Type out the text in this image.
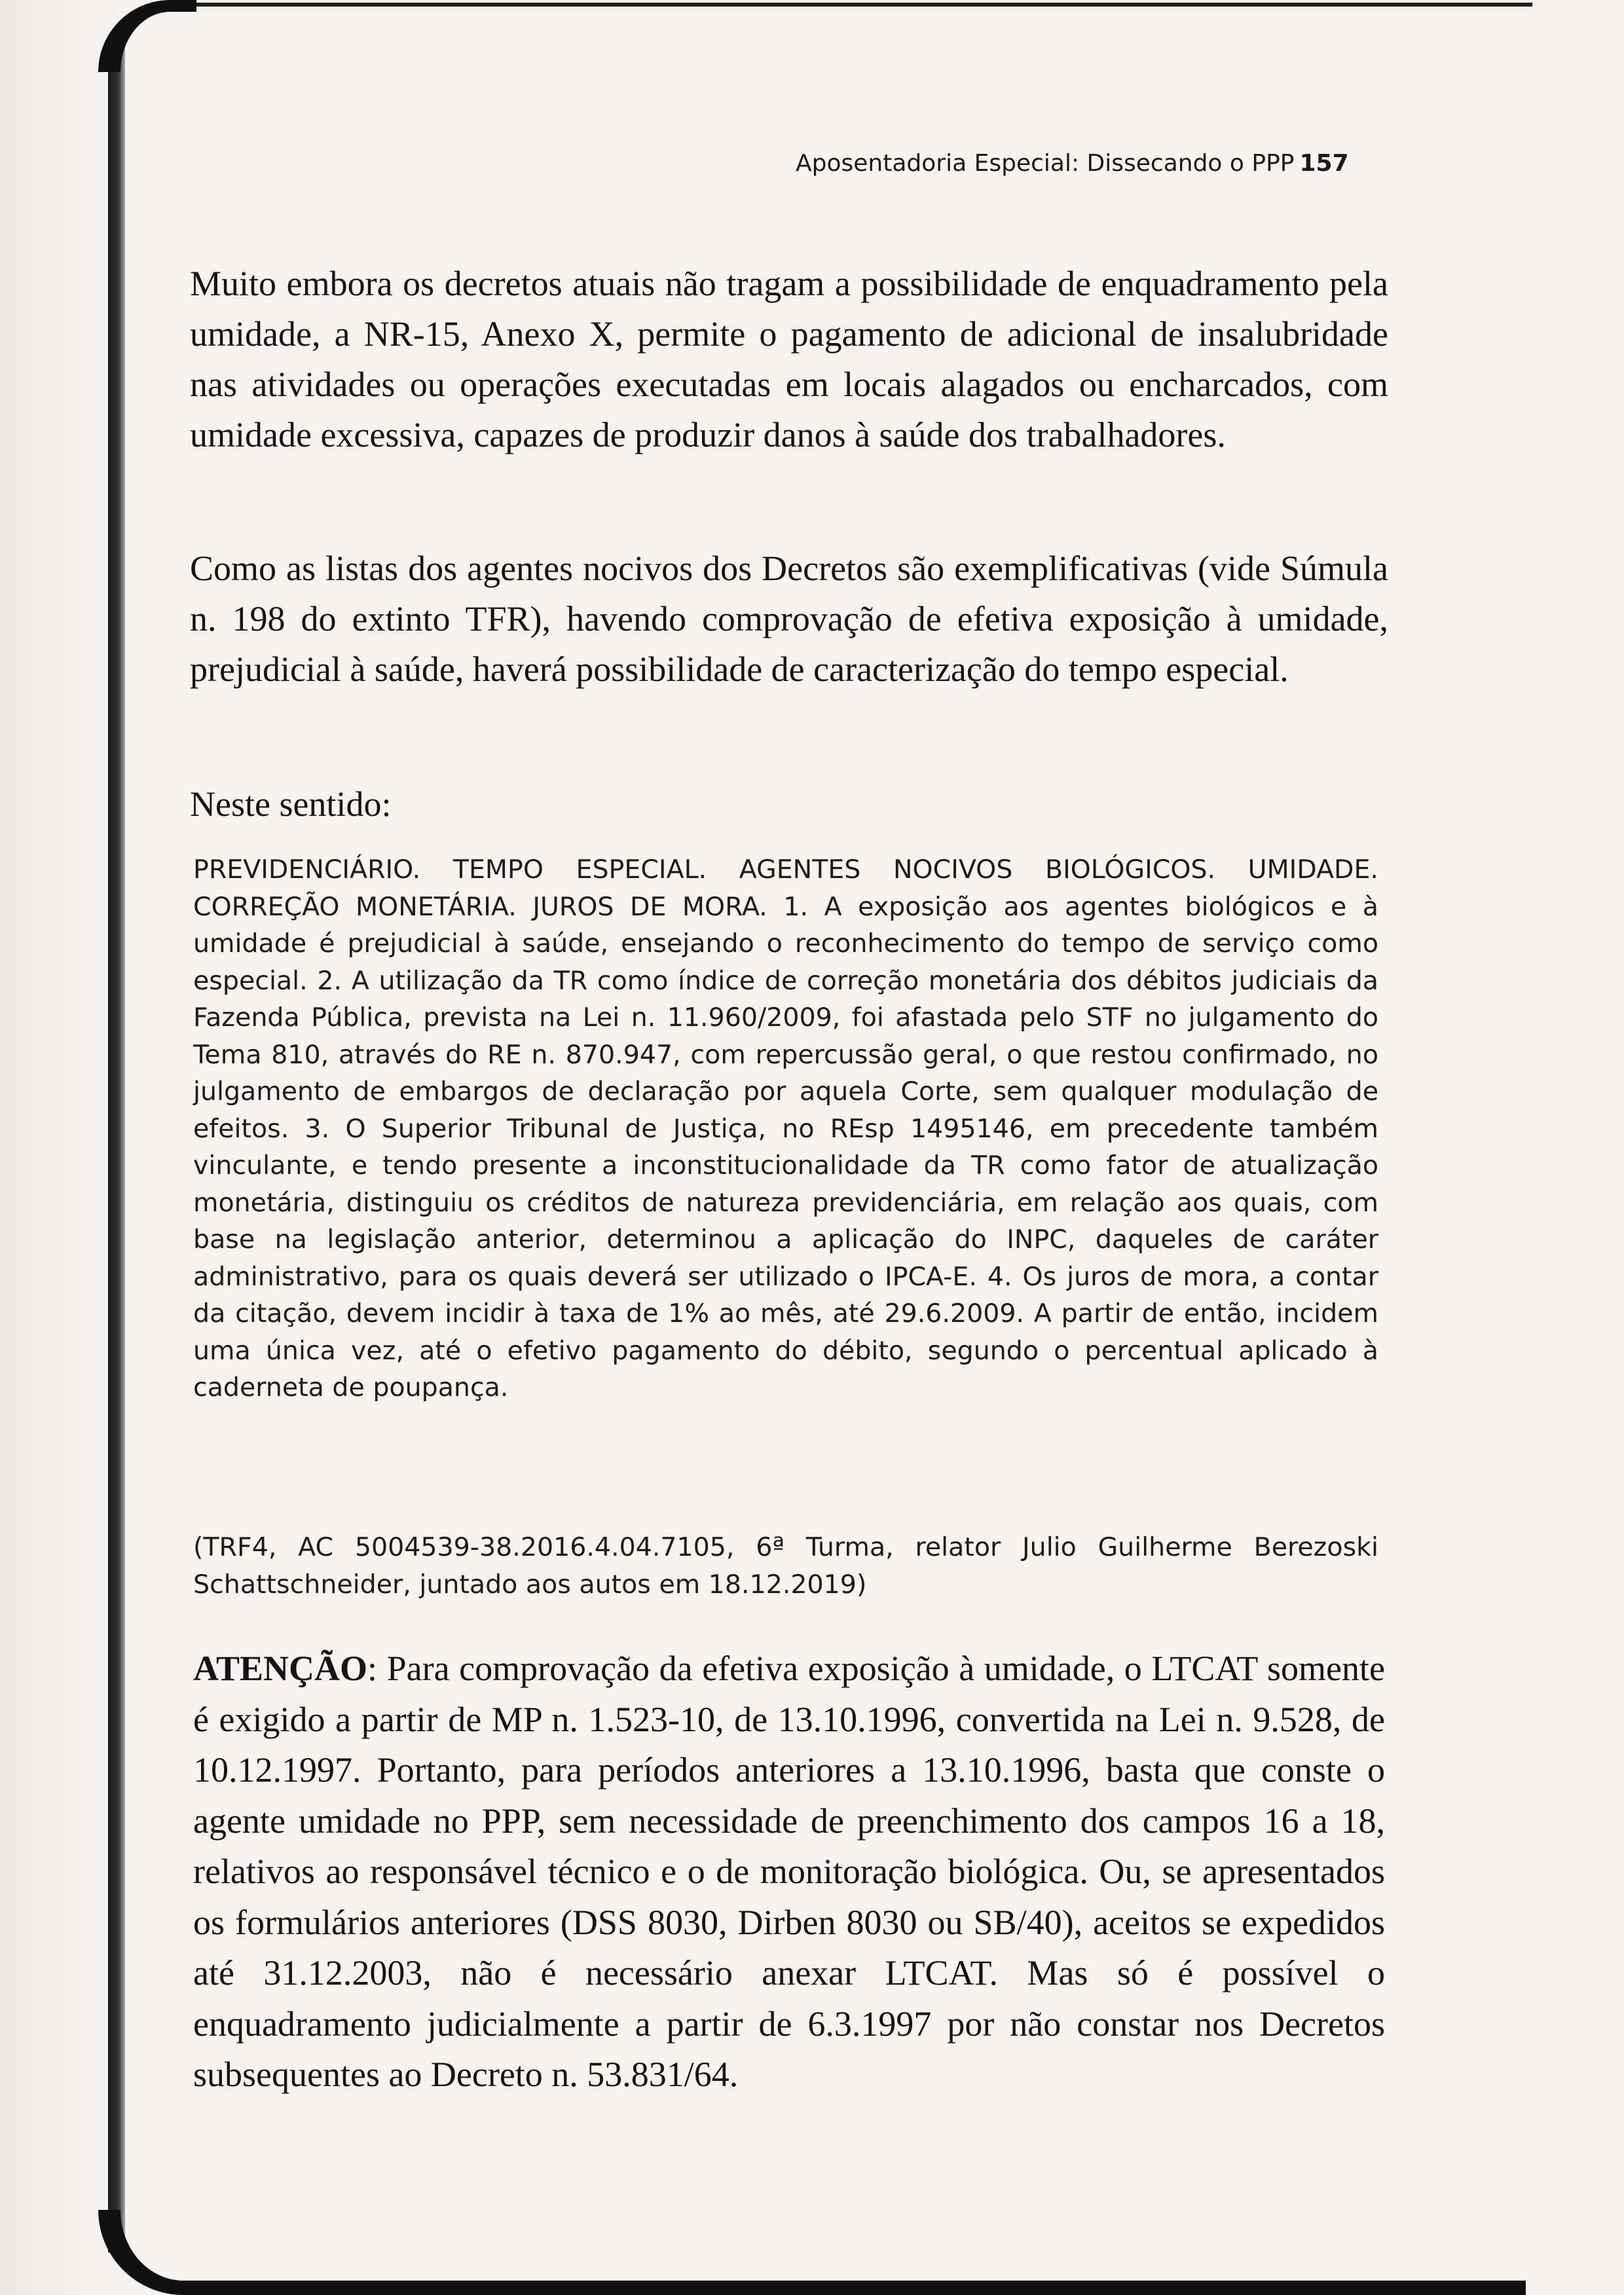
Aposentadoria Especial: Dissecando o PPP 157

Muito embora os decretos atuais não tragam a possibilidade de enquadramento pela umidade, a NR-15, Anexo X, permite o pagamento de adicional de insalubridade nas atividades ou operações executadas em locais alagados ou encharcados, com umidade excessiva, capazes de produzir danos à saúde dos trabalhadores.

Como as listas dos agentes nocivos dos Decretos são exemplificativas (vide Súmula n. 198 do extinto TFR), havendo comprovação de efetiva exposição à umidade, prejudicial à saúde, haverá possibilidade de caracterização do tempo especial.

Neste sentido:

PREVIDENCIÁRIO. TEMPO ESPECIAL. AGENTES NOCIVOS BIOLÓGICOS. UMIDADE. CORREÇÃO MONETÁRIA. JUROS DE MORA. 1. A exposição aos agentes biológicos e à umidade é prejudicial à saúde, ensejando o reconhecimento do tempo de serviço como especial. 2. A utilização da TR como índice de correção monetária dos débitos judiciais da Fazenda Pública, prevista na Lei n. 11.960/2009, foi afastada pelo STF no julgamento do Tema 810, através do RE n. 870.947, com repercussão geral, o que restou confirmado, no julgamento de embargos de declaração por aquela Corte, sem qualquer modulação de efeitos. 3. O Superior Tribunal de Justiça, no REsp 1495146, em precedente também vinculante, e tendo presente a inconstitucionalidade da TR como fator de atualização monetária, distinguiu os créditos de natureza previdenciária, em relação aos quais, com base na legislação anterior, determinou a aplicação do INPC, daqueles de caráter administrativo, para os quais deverá ser utilizado o IPCA-E. 4. Os juros de mora, a contar da citação, devem incidir à taxa de 1% ao mês, até 29.6.2009. A partir de então, incidem uma única vez, até o efetivo pagamento do débito, segundo o percentual aplicado à caderneta de poupança.

(TRF4, AC 5004539-38.2016.4.04.7105, 6ª Turma, relator Julio Guilherme Berezoski Schattschneider, juntado aos autos em 18.12.2019)

ATENÇÃO: Para comprovação da efetiva exposição à umidade, o LTCAT somente é exigido a partir de MP n. 1.523-10, de 13.10.1996, convertida na Lei n. 9.528, de 10.12.1997. Portanto, para períodos anteriores a 13.10.1996, basta que conste o agente umidade no PPP, sem necessidade de preenchimento dos campos 16 a 18, relativos ao responsável técnico e o de monitoração biológica. Ou, se apresentados os formulários anteriores (DSS 8030, Dirben 8030 ou SB/40), aceitos se expedidos até 31.12.2003, não é necessário anexar LTCAT. Mas só é possível o enquadramento judicialmente a partir de 6.3.1997 por não constar nos Decretos subsequentes ao Decreto n. 53.831/64.
